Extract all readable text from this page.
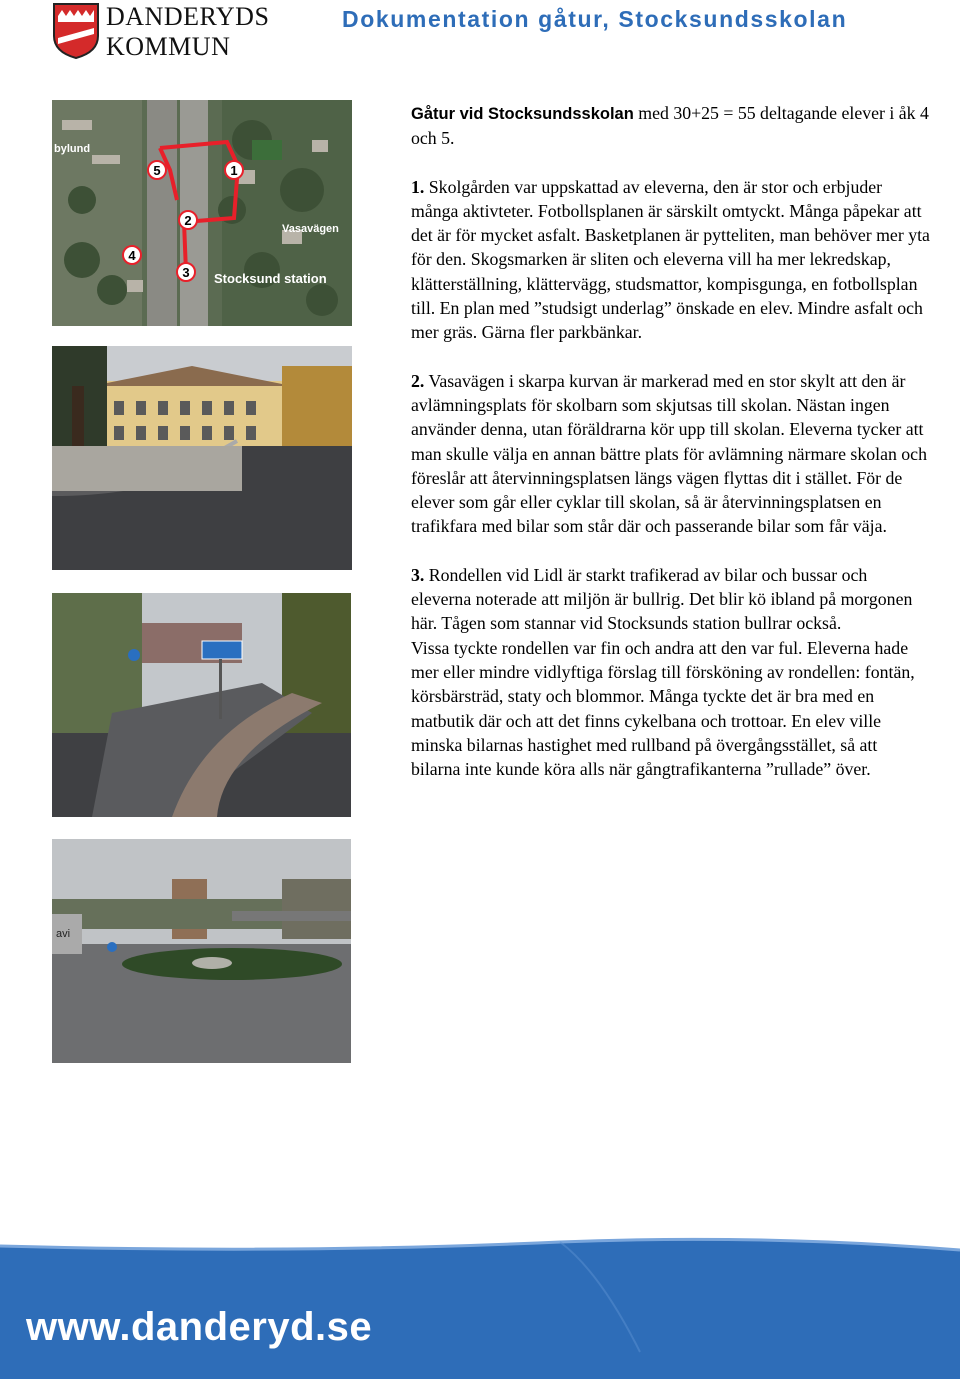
DANDERYDS
KOMMUN
Dokumentation gåtur, Stocksundsskolan
bylund
Vasavägen
Stocksund station
1
2
3
4
5
avi

Gåtur vid Stocksundsskolan med 30+25 = 55 deltagande elever i åk 4 och 5.

1. Skolgården var uppskattad av eleverna, den är stor och erbjuder många aktivteter. Fotbollsplanen är särskilt omtyckt. Många påpekar att det är för mycket asfalt. Basketplanen är pytteliten, man behöver mer yta för den. Skogsmarken är sliten och eleverna vill ha mer lekredskap, klätterställning, klättervägg, studsmattor, kompisgunga, en fotbollsplan till. En plan med ”studsigt underlag” önskade en elev. Mindre asfalt och mer gräs. Gärna fler parkbänkar.

2. Vasavägen i skarpa kurvan är markerad med en stor skylt att den är avlämningsplats för skolbarn som skjutsas till skolan. Nästan ingen använder denna, utan föräldrarna kör upp till skolan. Eleverna tycker att man skulle välja en annan bättre plats för avlämning närmare skolan och föreslår att återvinningsplatsen längs vägen flyttas dit i stället. För de elever som går eller cyklar till skolan, så är återvinningsplatsen en trafikfara med bilar som står där och passerande bilar som får väja.

3. Rondellen vid Lidl är starkt trafikerad av bilar och bussar och eleverna noterade att miljön är bullrig. Det blir kö ibland på morgonen här. Tågen som stannar vid Stocksunds station bullrar också.

Vissa tyckte rondellen var fin och andra att den var ful. Eleverna hade mer eller mindre vidlyftiga förslag till försköning av rondellen: fontän, körsbärsträd, staty och blommor. Många tyckte det är bra med en matbutik där och att det finns cykelbana och trottoar. En elev ville minska bilarnas hastighet med rullband på övergångsstället, så att bilarna inte kunde köra alls när gångtrafikanterna ”rullade” över.

www.danderyd.se
